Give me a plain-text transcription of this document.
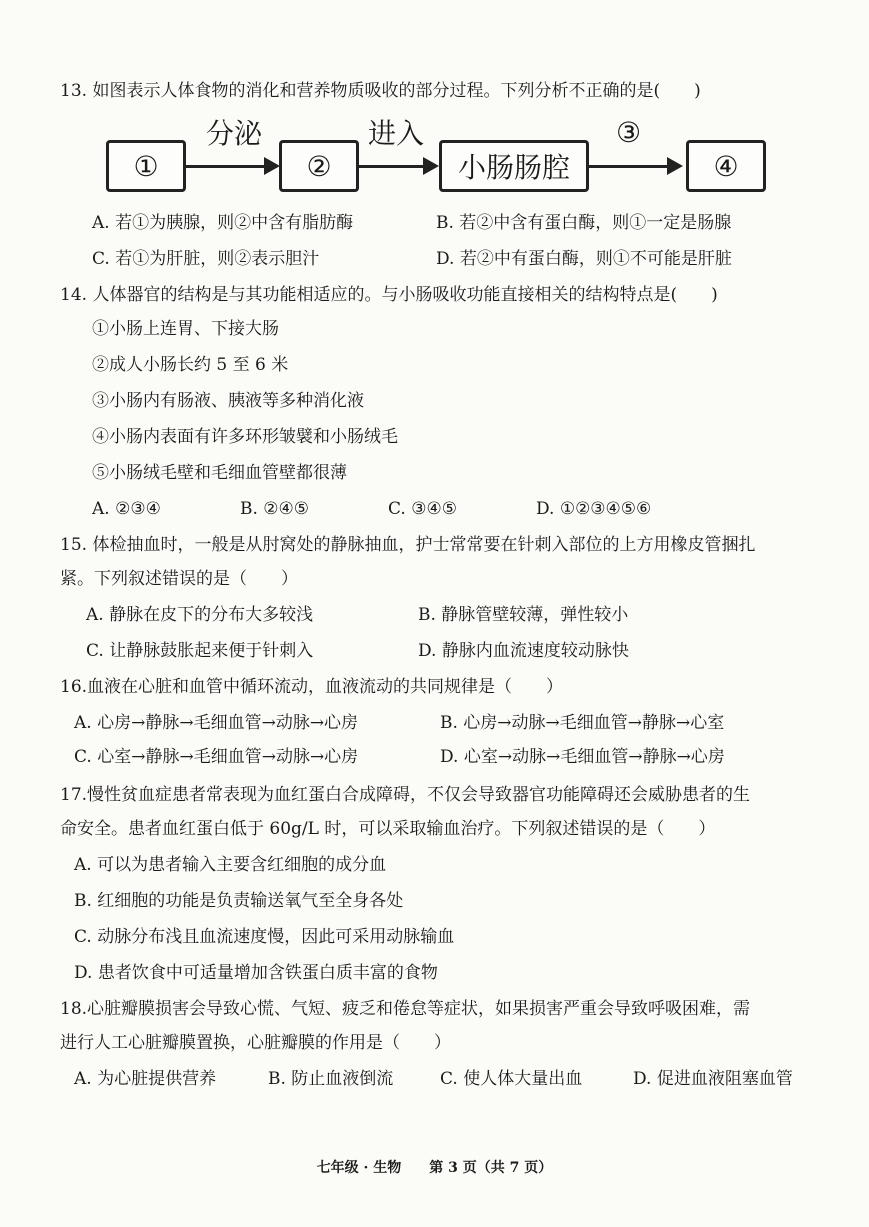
13. 如图表示人体食物的消化和营养物质吸收的部分过程。下列分析不正确的是(　　)
①
分泌
②
进入
小肠肠腔
③
④
A. 若①为胰腺，则②中含有脂肪酶	B. 若②中含有蛋白酶，则①一定是肠腺
C. 若①为肝脏，则②表示胆汁	D. 若②中有蛋白酶，则①不可能是肝脏
14. 人体器官的结构是与其功能相适应的。与小肠吸收功能直接相关的结构特点是(　　)
①小肠上连胃、下接大肠
②成人小肠长约 5 至 6 米
③小肠内有肠液、胰液等多种消化液
④小肠内表面有许多环形皱襞和小肠绒毛
⑤小肠绒毛壁和毛细血管壁都很薄
A. ②③④	B. ②④⑤	C. ③④⑤	D. ①②③④⑤⑥
15. 体检抽血时，一般是从肘窝处的静脉抽血，护士常常要在针刺入部位的上方用橡皮管捆扎
紧。下列叙述错误的是（　　）
A. 静脉在皮下的分布大多较浅	B. 静脉管壁较薄，弹性较小
C. 让静脉鼓胀起来便于针刺入	D. 静脉内血流速度较动脉快
16.血液在心脏和血管中循环流动，血液流动的共同规律是（　　）
A. 心房→静脉→毛细血管→动脉→心房	B. 心房→动脉→毛细血管→静脉→心室
C. 心室→静脉→毛细血管→动脉→心房	D. 心室→动脉→毛细血管→静脉→心房
17.慢性贫血症患者常表现为血红蛋白合成障碍，不仅会导致器官功能障碍还会威胁患者的生
命安全。患者血红蛋白低于 60g/L 时，可以采取输血治疗。下列叙述错误的是（　　）
A. 可以为患者输入主要含红细胞的成分血
B. 红细胞的功能是负责输送氧气至全身各处
C. 动脉分布浅且血流速度慢，因此可采用动脉输血
D. 患者饮食中可适量增加含铁蛋白质丰富的食物
18.心脏瓣膜损害会导致心慌、气短、疲乏和倦怠等症状，如果损害严重会导致呼吸困难，需
进行人工心脏瓣膜置换，心脏瓣膜的作用是（　　）
A. 为心脏提供营养	B. 防止血液倒流	C. 使人体大量出血	D. 促进血液阻塞血管
七年级 · 生物　　第 3 页（共 7 页）
